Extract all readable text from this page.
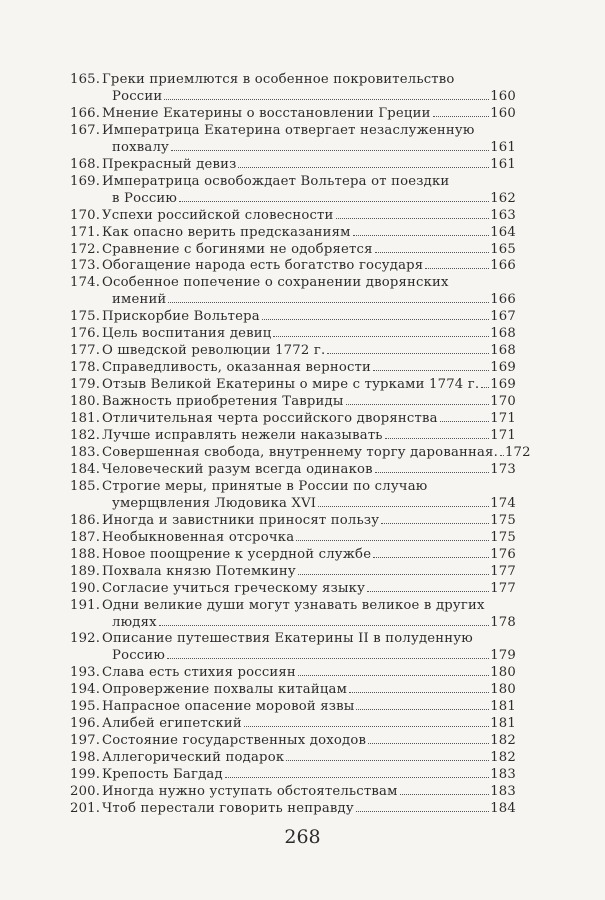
165. Греки приемлются в особенное покровительство
России	160
166. Мнение Екатерины о восстановлении Греции	160
167. Императрица Екатерина отвергает незаслуженную
похвалу	161
168. Прекрасный девиз	161
169. Императрица освобождает Вольтера от поездки
в Россию	162
170. Успехи российской словесности	163
171. Как опасно верить предсказаниям	164
172. Сравнение с богинями не одобряется	165
173. Обогащение народа есть богатство государя	166
174. Особенное попечение о сохранении дворянских
имений	166
175. Прискорбие Вольтера	167
176. Цель воспитания девиц	168
177. О шведской революции 1772 г.	168
178. Справедливость, оказанная верности	169
179. Отзыв Великой Екатерины о мире с турками 1774 г. 169
180. Важность приобретения Тавриды	170
181. Отличительная черта российского дворянства	171
182. Лучше исправлять нежели наказывать	171
183. Совершенная свобода, внутреннему торгу дарованная. 172
184. Человеческий разум всегда одинаков	173
185. Строгие меры, принятые в России по случаю
умерщвления Людовика XVI	174
186. Иногда и завистники приносят пользу	175
187. Необыкновенная отсрочка	175
188. Новое поощрение к усердной службе	176
189. Похвала князю Потемкину	177
190. Согласие учиться греческому языку	177
191. Одни великие души могут узнавать великое в других
людях	178
192. Описание путешествия Екатерины II в полуденную
Россию	179
193. Слава есть стихия россиян	180
194. Опровержение похвалы китайцам	180
195. Напрасное опасение моровой язвы	181
196. Алибей египетский	181
197. Состояние государственных доходов	182
198. Аллегорический подарок	182
199. Крепость Багдад	183
200. Иногда нужно уступать обстоятельствам	183
201. Чтоб перестали говорить неправду	184
268
